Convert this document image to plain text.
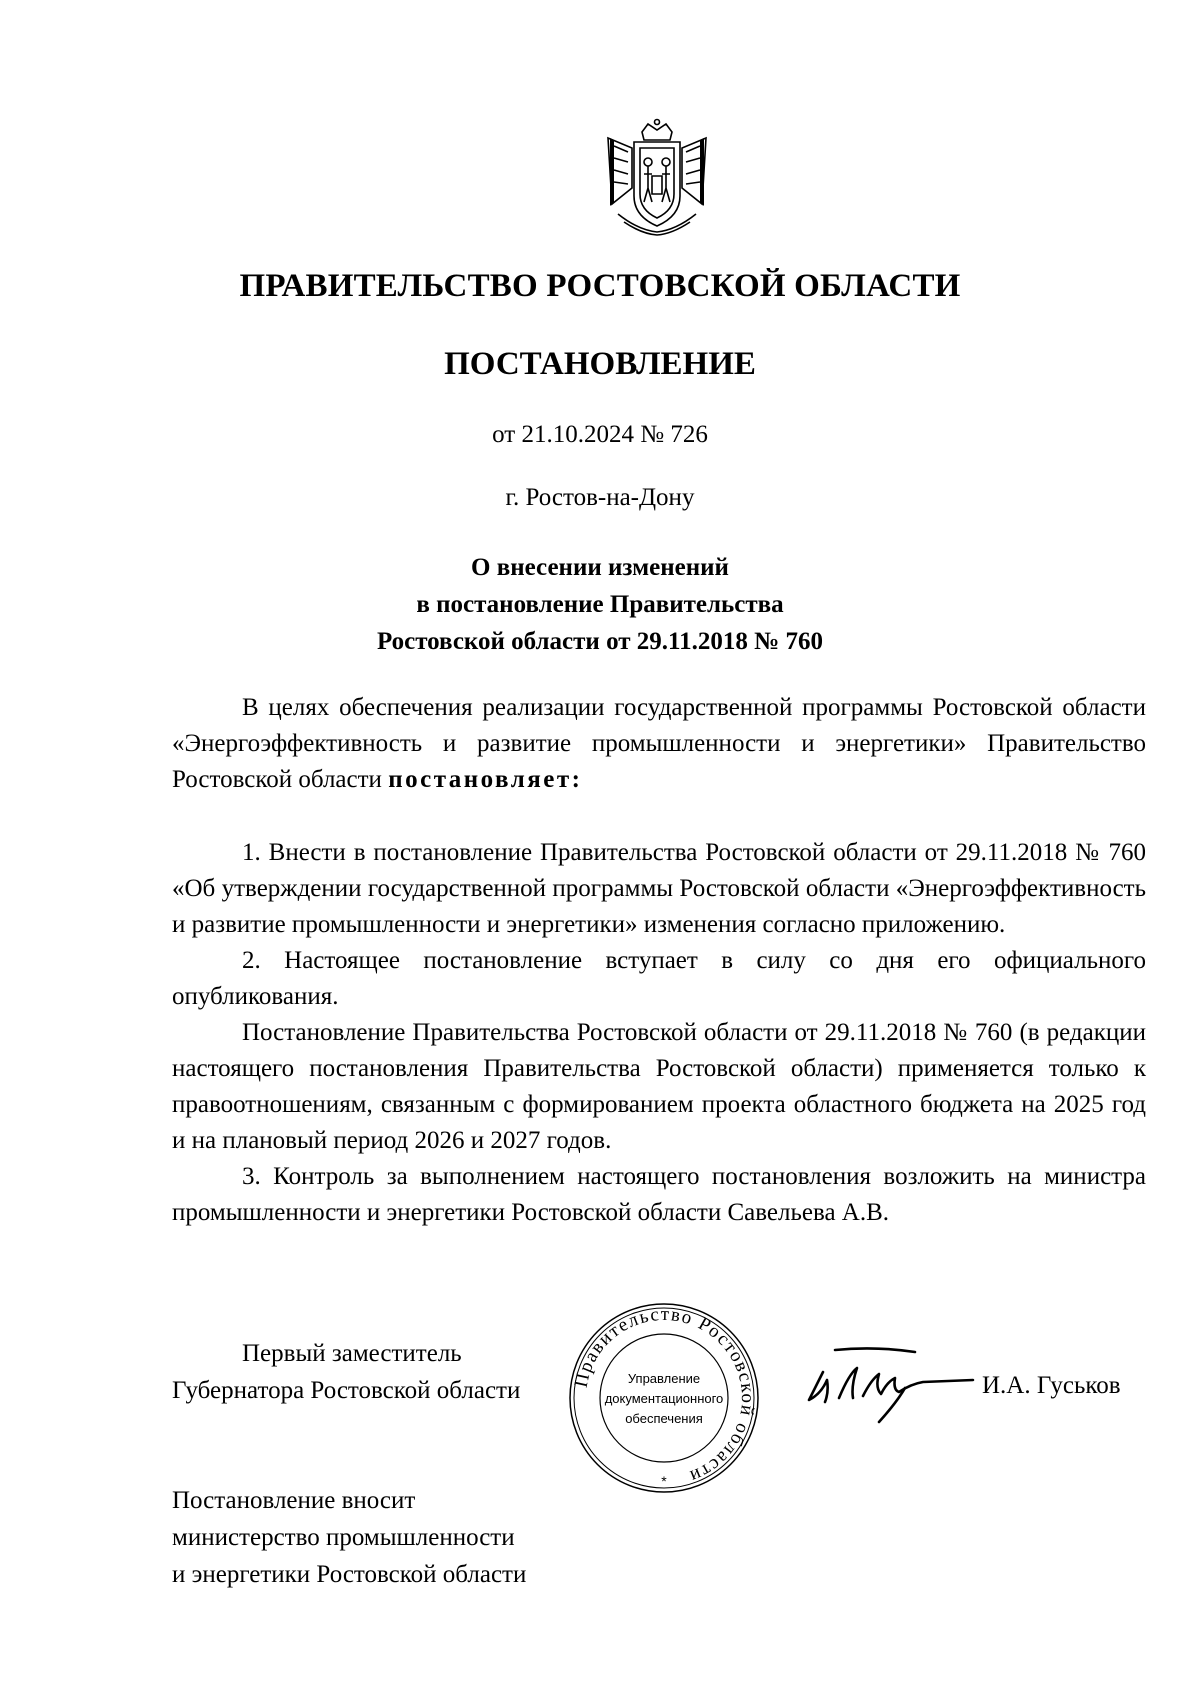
ПРАВИТЕЛЬСТВО РОСТОВСКОЙ ОБЛАСТИ
ПОСТАНОВЛЕНИЕ
от 21.10.2024 № 726
г. Ростов-на-Дону
О внесении изменений
в постановление Правительства
Ростовской области от 29.11.2018 № 760

В целях обеспечения реализации государственной программы Ростовской области «Энергоэффективность и развитие промышленности и энергетики» Правительство Ростовской области постановляет:

1. Внести в постановление Правительства Ростовской области от 29.11.2018 № 760 «Об утверждении государственной программы Ростовской области «Энергоэффективность и развитие промышленности и энергетики» изменения согласно приложению.

2. Настоящее постановление вступает в силу со дня его официального опубликования.

Постановление Правительства Ростовской области от 29.11.2018 № 760 (в редакции настоящего постановления Правительства Ростовской области) применяется только к правоотношениям, связанным с формированием проекта областного бюджета на 2025 год и на плановый период 2026 и 2027 годов.

3. Контроль за выполнением настоящего постановления возложить на министра промышленности и энергетики Ростовской области Савельева А.В.

Первый заместитель
Губернатора Ростовской области	Правительство Ростовской области
Управление
документационного
обеспечения
*
И.А. Гуськов
Постановление вносит
министерство промышленности
и энергетики Ростовской области
